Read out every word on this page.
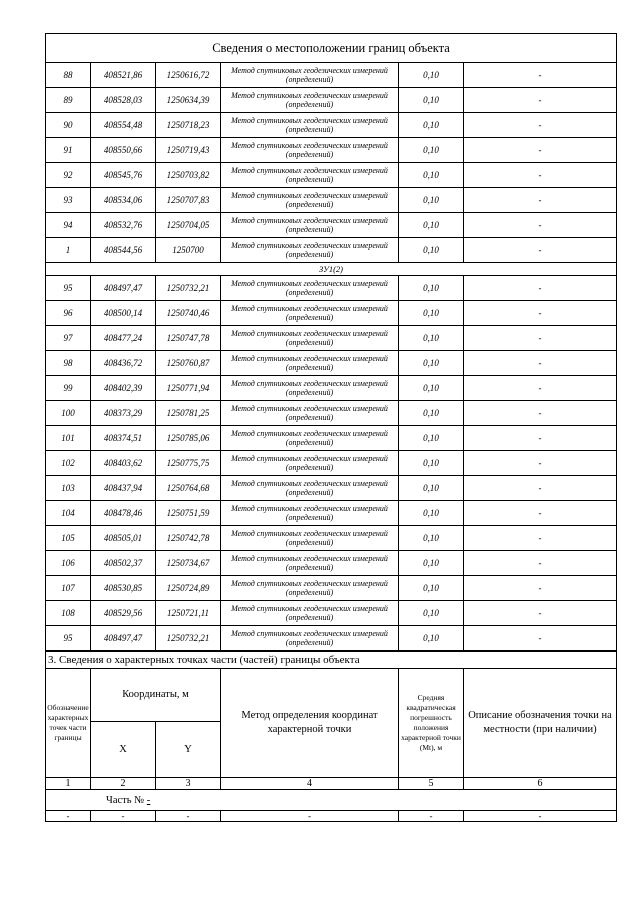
Сведения о местоположении границ объекта					
88	408521,86	1250616,72	Метод спутниковых геодезических измерений (определений)	0,10	-
89	408528,03	1250634,39	Метод спутниковых геодезических измерений (определений)	0,10	-
90	408554,48	1250718,23	Метод спутниковых геодезических измерений (определений)	0,10	-
91	408550,66	1250719,43	Метод спутниковых геодезических измерений (определений)	0,10	-
92	408545,76	1250703,82	Метод спутниковых геодезических измерений (определений)	0,10	-
93	408534,06	1250707,83	Метод спутниковых геодезических измерений (определений)	0,10	-
94	408532,76	1250704,05	Метод спутниковых геодезических измерений (определений)	0,10	-
1	408544,56	1250700	Метод спутниковых геодезических измерений (определений)	0,10	-
ЗУ1(2)					
95	408497,47	1250732,21	Метод спутниковых геодезических измерений (определений)	0,10	-
96	408500,14	1250740,46	Метод спутниковых геодезических измерений (определений)	0,10	-
97	408477,24	1250747,78	Метод спутниковых геодезических измерений (определений)	0,10	-
98	408436,72	1250760,87	Метод спутниковых геодезических измерений (определений)	0,10	-
99	408402,39	1250771,94	Метод спутниковых геодезических измерений (определений)	0,10	-
100	408373,29	1250781,25	Метод спутниковых геодезических измерений (определений)	0,10	-
101	408374,51	1250785,06	Метод спутниковых геодезических измерений (определений)	0,10	-
102	408403,62	1250775,75	Метод спутниковых геодезических измерений (определений)	0,10	-
103	408437,94	1250764,68	Метод спутниковых геодезических измерений (определений)	0,10	-
104	408478,46	1250751,59	Метод спутниковых геодезических измерений (определений)	0,10	-
105	408505,01	1250742,78	Метод спутниковых геодезических измерений (определений)	0,10	-
106	408502,37	1250734,67	Метод спутниковых геодезических измерений (определений)	0,10	-
107	408530,85	1250724,89	Метод спутниковых геодезических измерений (определений)	0,10	-
108	408529,56	1250721,11	Метод спутниковых геодезических измерений (определений)	0,10	-
95	408497,47	1250732,21	Метод спутниковых геодезических измерений (определений)	0,10	-
3. Сведения о характерных точках части (частей) границы объекта					
Обозначение характерных точек части границы	Координаты, м		Метод определения координат характерной точки	Средняя квадратическая погрешность положения характерной точки (Mt), м	Описание обозначения точки на местности (при наличии)
	X	Y			
1	2	3	4	5	6
Часть № -					
-	-	-	-	-	-
